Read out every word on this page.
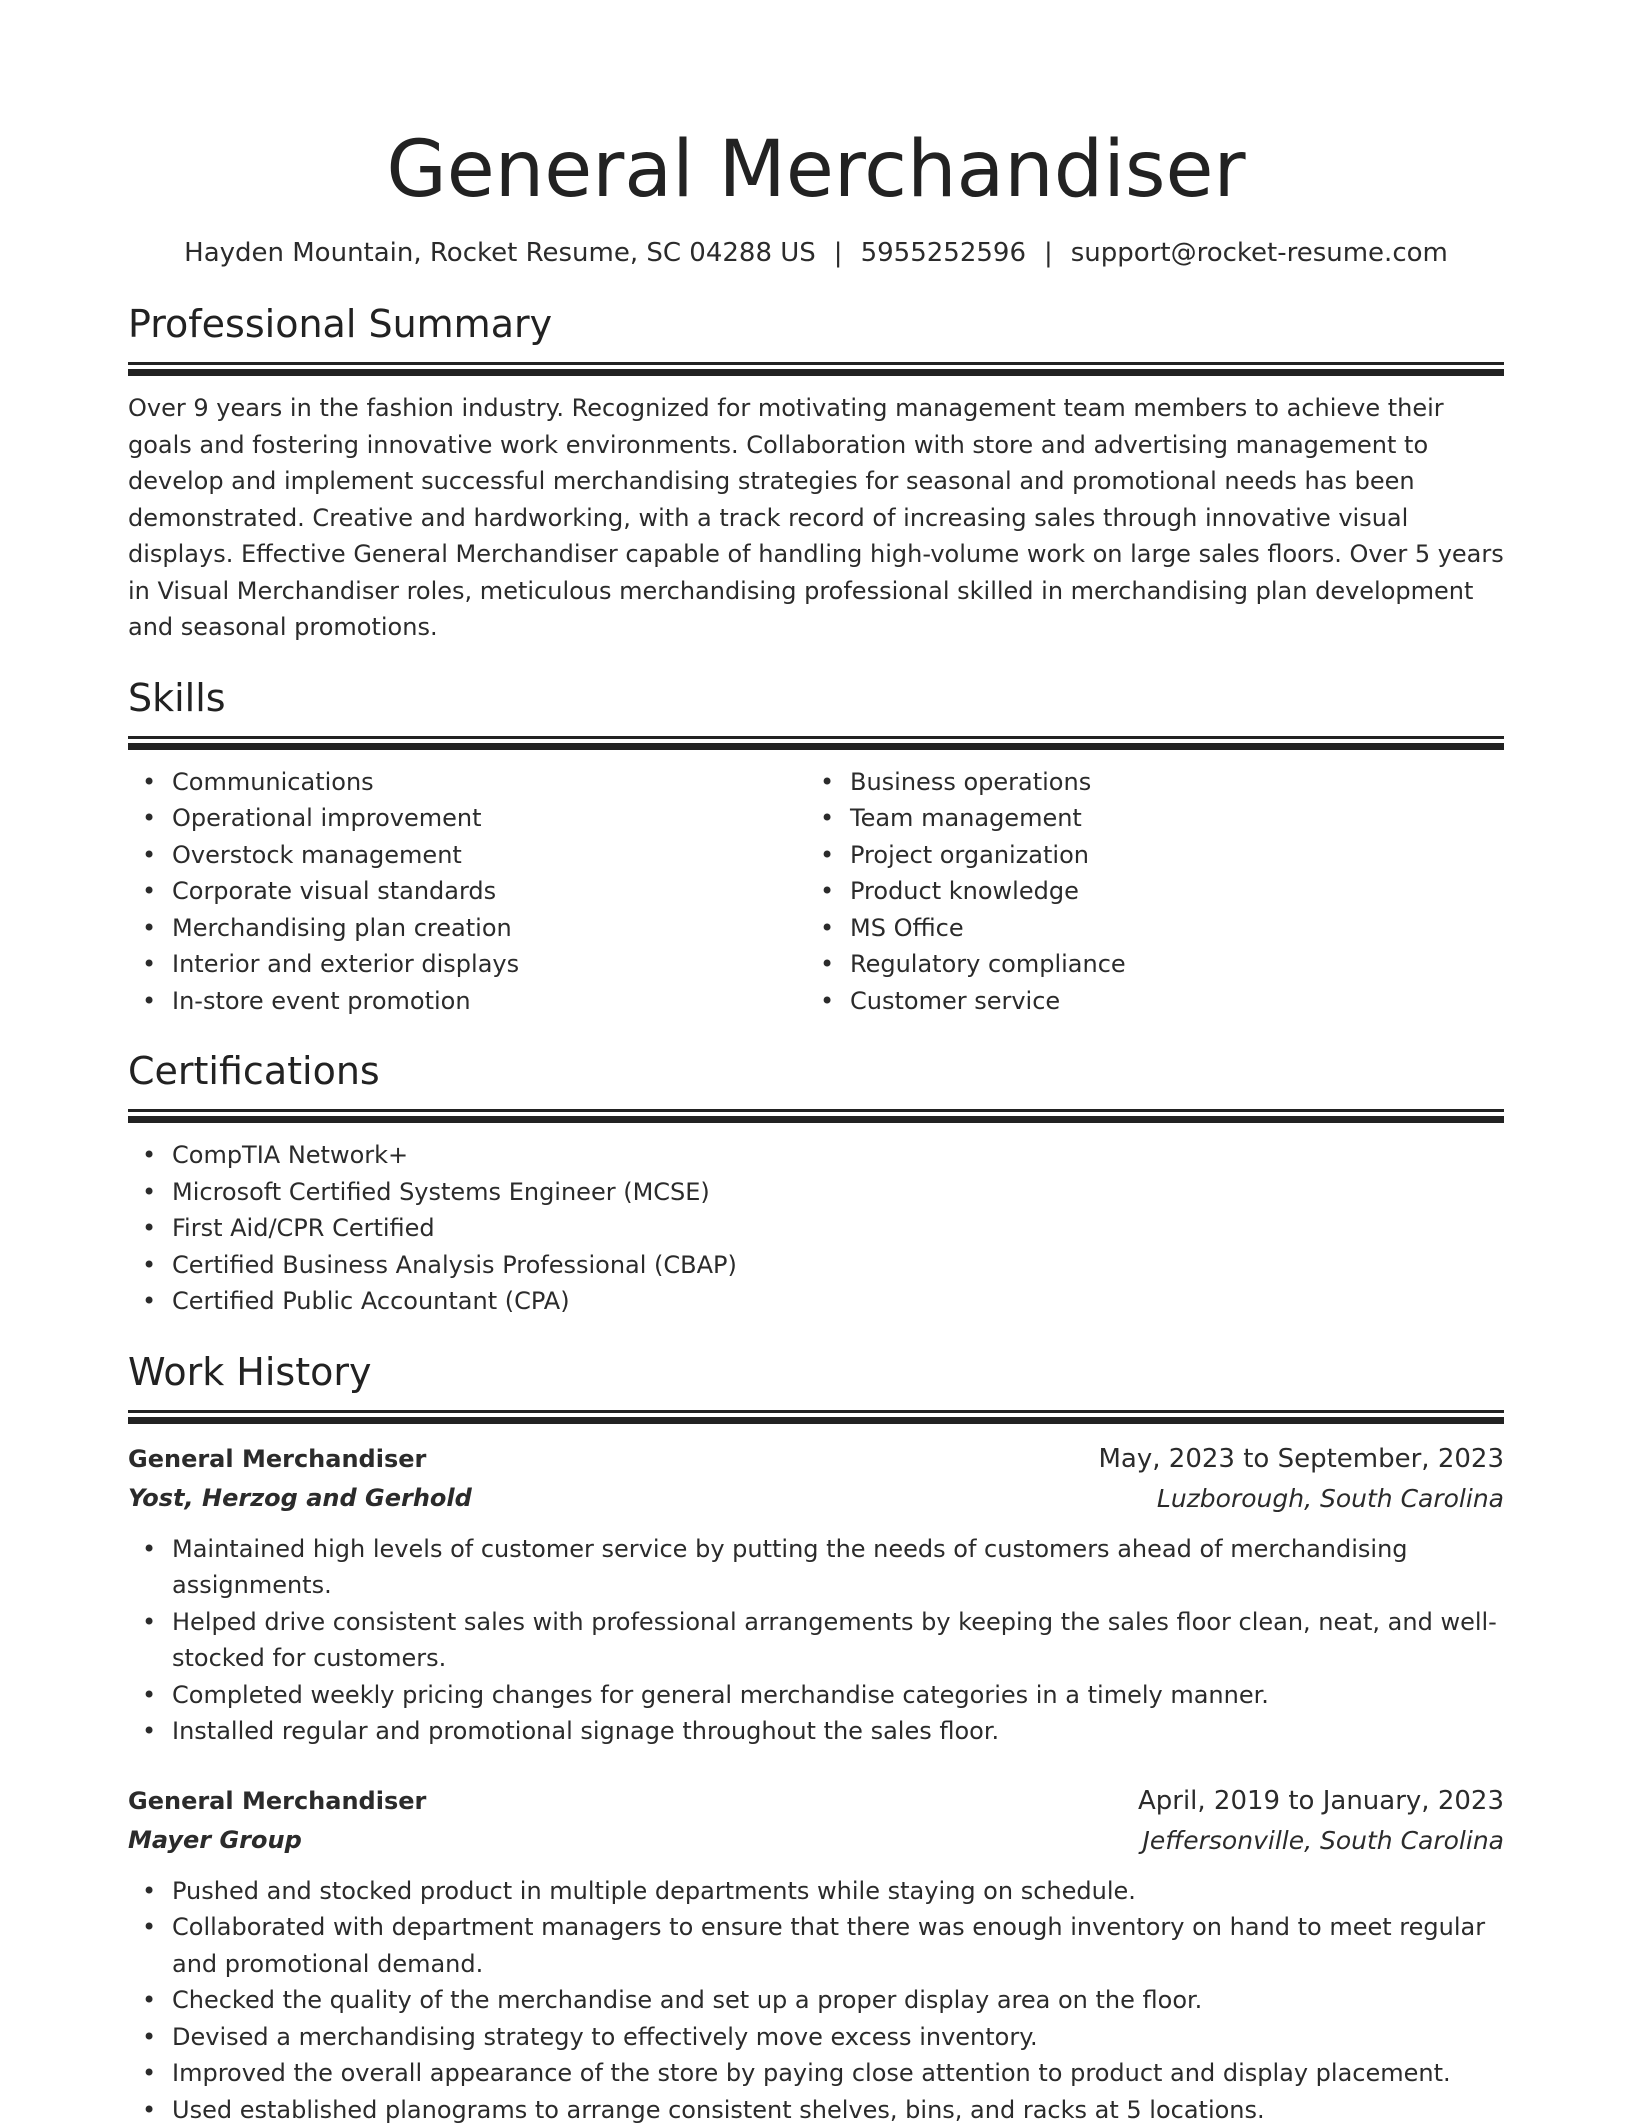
General Merchandiser
Hayden Mountain, Rocket Resume, SC 04288 US | 5955252596 | support@rocket-resume.com
Professional Summary
Over 9 years in the fashion industry. Recognized for motivating management team members to achieve their goals and fostering innovative work environments. Collaboration with store and advertising management to develop and implement successful merchandising strategies for seasonal and promotional needs has been demonstrated. Creative and hardworking, with a track record of increasing sales through innovative visual displays. Effective General Merchandiser capable of handling high-volume work on large sales floors. Over 5 years in Visual Merchandiser roles, meticulous merchandising professional skilled in merchandising plan development and seasonal promotions.
Skills
• Communications
• Operational improvement
• Overstock management
• Corporate visual standards
• Merchandising plan creation
• Interior and exterior displays
• In-store event promotion
• Business operations
• Team management
• Project organization
• Product knowledge
• MS Office
• Regulatory compliance
• Customer service
Certifications
• CompTIA Network+
• Microsoft Certified Systems Engineer (MCSE)
• First Aid/CPR Certified
• Certified Business Analysis Professional (CBAP)
• Certified Public Accountant (CPA)
Work History
General Merchandiser	May, 2023 to September, 2023
Yost, Herzog and Gerhold	Luzborough, South Carolina
• Maintained high levels of customer service by putting the needs of customers ahead of merchandising assignments.
• Helped drive consistent sales with professional arrangements by keeping the sales floor clean, neat, and well-stocked for customers.
• Completed weekly pricing changes for general merchandise categories in a timely manner.
• Installed regular and promotional signage throughout the sales floor.
General Merchandiser	April, 2019 to January, 2023
Mayer Group	Jeffersonville, South Carolina
• Pushed and stocked product in multiple departments while staying on schedule.
• Collaborated with department managers to ensure that there was enough inventory on hand to meet regular and promotional demand.
• Checked the quality of the merchandise and set up a proper display area on the floor.
• Devised a merchandising strategy to effectively move excess inventory.
• Improved the overall appearance of the store by paying close attention to product and display placement.
• Used established planograms to arrange consistent shelves, bins, and racks at 5 locations.
